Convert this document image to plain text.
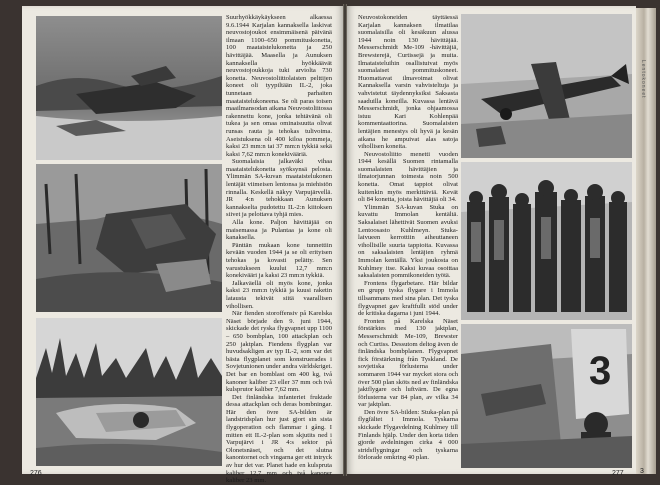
Suurhyökkäykäykseen alkaessa 9.6.1944 Karjalan kannaksella laskivat neuvostojoukot ensimmäisenä päivänä ilmaan 1100–650 pommituskonetta, 100 maataistelukonetta ja 250 hävittäjää. Maasella ja Aunuksen kannaksella hyökkäävät neuvostojoukkoja tuki arviolta 730 konetta. Neuvostoliittolaisten pelttijen koneet oli tyypiltään IL-2, joka tunnetaan parhaiten maataistelukoneena. Se oli paras toisen maailmansodan aikana Neuvostoliitossa rakennettu kone, jonka tehtävänä oli tukea ja sen omaa ominaisuutta olivat runsas rauta ja tehokas tulivoima. Aseistuksena oli 400 kiloa pommeja, kaksi 23 mm:n tai 37 mm:n tykkiä sekä kaksi 7,62 mm:n konekivääriä.

Suomalaisia jalkaväki vihaa maataistelukoneita syöksynsä pelosta. Ylimmän SA-kuvan maataistelukonen lentäjät viimeisen lentonsa ja miehistön rinnalla. Keskellä näkyy Varpujärvellä. JR 4:n tehokkaan Aunuksen kannakselta pudotettu IL-2:n kiitoksen siivet ja pelottava tyhjä mies.

Alla kone. Paljon hävittäjää on maisemassa ja Pulantaa ja kone oli kanaksella.

Pänttän mukaan kone tunnettiin kevään vuoden 1944 ja se oli erityisen tehokas ja kovasti pelätty. Sen varustukseen kuului 12,7 mm:n konekivääri ja kaksi 23 mm:n tykkiä.

Jalkaväellä oli myös kone, jonka kaksi 23 mm:n tykkiä ja kuusi raketin latausta tekivät siitä vaarallisen vihollisen.

När fienden storoffensiv på Karelska Näset började den 9. juni 1944, skickade det ryska flygvapnet upp 1100 – 650 bombplan, 100 attackplan och 250 jaktplan. Fiendens flygplan var huvudsakligen av typ IL-2, som var det bästa flygplanet som konstruerades i Sovjetunionen under andra världskriget. Det bar en bomblast om 400 kg, två kanoner kaliber 23 eller 37 mm och två kulsprutor kaliber 7,62 mm.

Det finländska infanteriet fruktade dessa attackplan och deras bombningar. Här den övre SA-bilden är landstridsplan hur just gjort sin sista flygoperation och flammar i gång. I mitten ett IL-2-plan som skjutits ned i Varpujärvi i JR 4:s sektor på Olonetsnäset, och det slutna kanontornet och vingarna ger ett intryck av hur det var. Planet hade en kulspruta kaliber 12,7 mm och två kanoner kaliber 23 mm.

276

Neuvostokoneiden täyttäessä Karjalan kannaksen ilmatilaa suomalaisilla oli kesäkuun alussa 1944 noin 130 hävittäjää. Messerschmidt Me-109 -hävittäjiä, Brewsterejä, Curtissejä ja muita. Ilmataisteluihin osallistuivat myös suomalaiset pommituskoneet. Huomattavat ilmavoimat olivat Kannaksella varsin vahvisteltuja ja vahvistetut täydennyksiksi Saksasta saaduilla koneilla. Kuvassa lentävä Messerschmidt, jonka ohjaamossa istuu Kari Kohlenpää kommentaattorina. Suomalaisten lentäjien menestys oli hyvä ja kesän aikana he ampuivat alas satoja vihollisen koneita.

Neuvostoliitto menetti vuoden 1944 kesällä Suomen rintamalla suomalaisten hävittäjien ja ilmatorjunnan toimesta noin 500 konetta. Omat tappiot olivat kuitenkin myös merkittäviä. Kevät oli 84 konetta, joista hävittäjiä oli 34.

Ylimmän SA-kuvan Stuka on kuvattu Immolan kentältä. Saksalaiset lähettivät Suomen avuksi Lentoosasto Kuhlmeyn. Stuka-laivueen kerrottiin aiheuttaneen vihollisille suuria tappioita. Kuvassa on saksalaisten lentäjien ryhmä Immolan kentällä. Yksi joukosta on Kuhlmey itse. Kaksi kuvaa osoittaa saksalaisten pommikoneiden työtä.

Frontens flygarbetare. Här bildar en grupp tyska flygare i Immola tillsammans med sina plan. Det tyska flygvapnet gav kraftfullt stöd under de kritiska dagarna i juni 1944.

Fronten på Karelska Näset förstärktes med 130 jaktplan, Messerschmidt Me-109, Brewster och Curtiss. Dessutom deltog även de finländska bombplanen. Flygvapnet fick förstärkning från Tyskland. De sovjetiska förlusterna under sommaren 1944 var mycket stora och över 500 plan sköts ned av finländska jaktflygare och luftvärn. De egna förlusterna var 84 plan, av vilka 34 var jaktplan.

Den övre SA-bilden: Stuka-plan på flygfältet i Immola. Tyskarna skickade Flygavdelning Kuhlmey till Finlands hjälp. Under den korta tiden gjorde avdelningen cirka 4 000 stridsflygningar och tyskarna förlorade omkring 40 plan.

3
277
Lentokoneet
3
